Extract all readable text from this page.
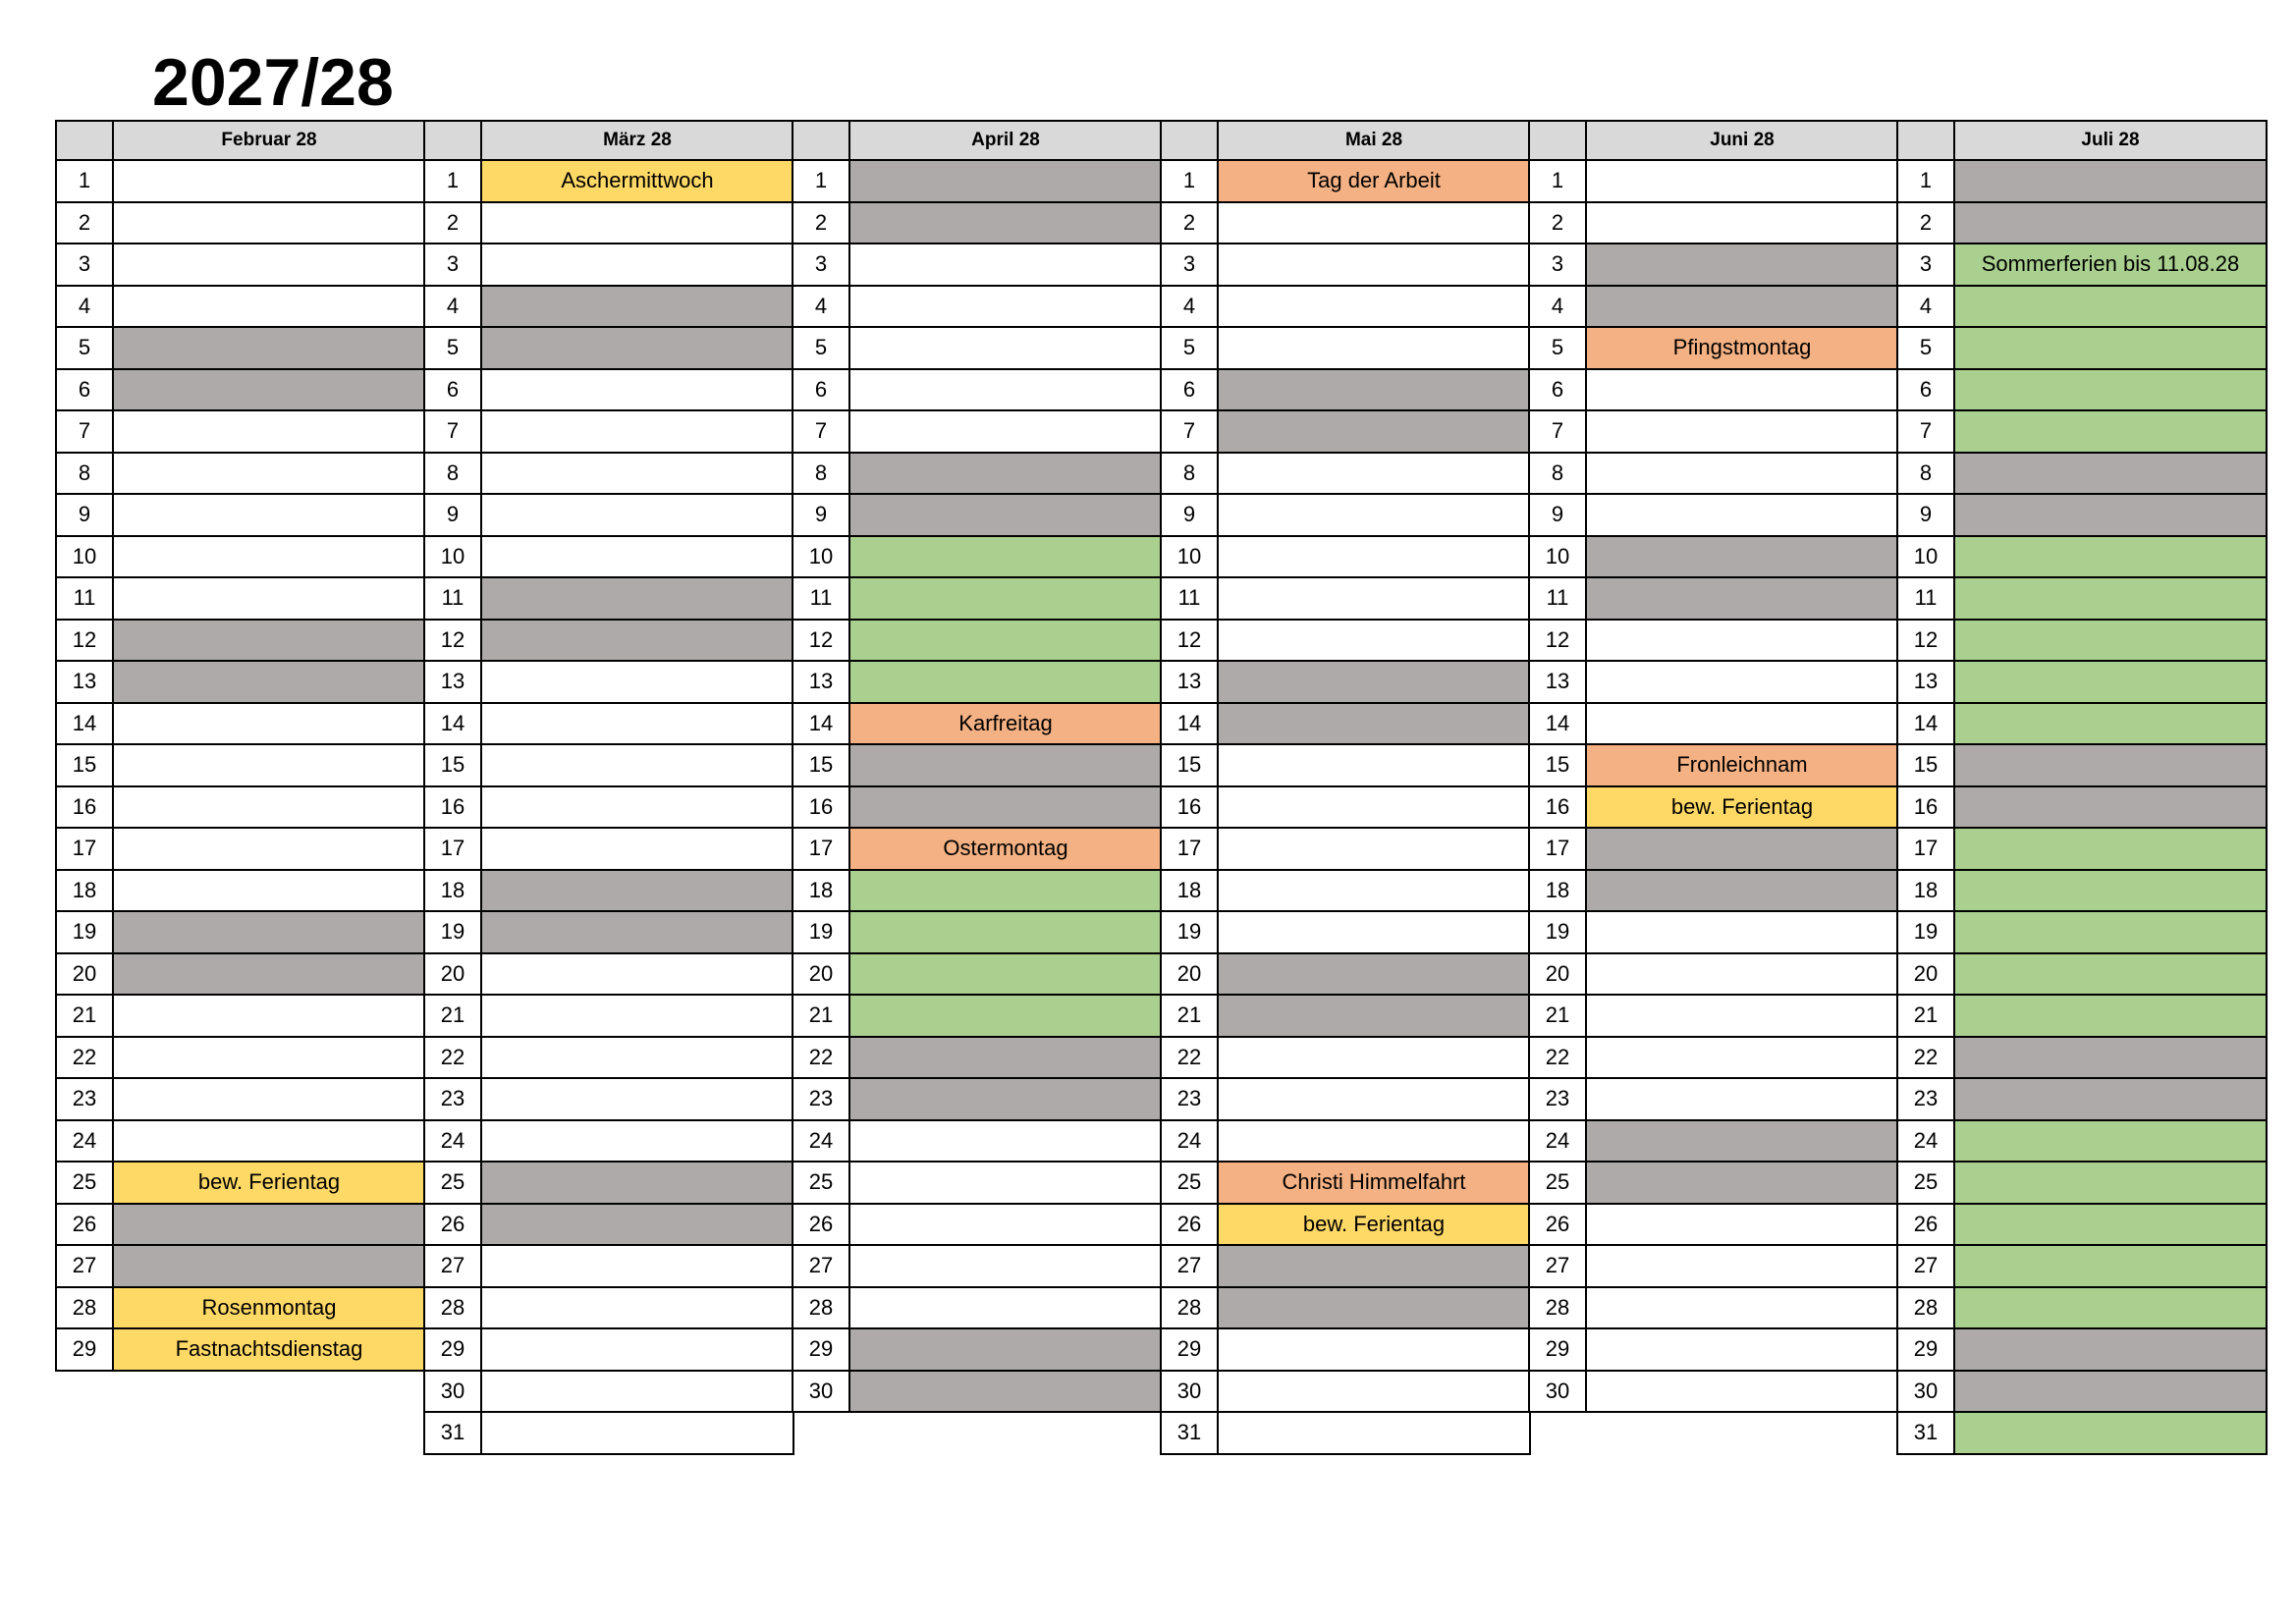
2027/28
Februar 28
1
2
3
4
5
6
7
8
9
10
11
12
13
14
15
16
17
18
19
20
21
22
23
24
25	bew. Ferientag
26
27
28	Rosenmontag
29	Fastnachtsdienstag
März 28
1	Aschermittwoch
2
3
4
5
6
7
8
9
10
11
12
13
14
15
16
17
18
19
20
21
22
23
24
25
26
27
28
29
30
31
April 28
1
2
3
4
5
6
7
8
9
10
11
12
13
14	Karfreitag
15
16
17	Ostermontag
18
19
20
21
22
23
24
25
26
27
28
29
30
Mai 28
1	Tag der Arbeit
2
3
4
5
6
7
8
9
10
11
12
13
14
15
16
17
18
19
20
21
22
23
24
25	Christi Himmelfahrt
26	bew. Ferientag
27
28
29
30
31
Juni 28
1
2
3
4
5	Pfingstmontag
6
7
8
9
10
11
12
13
14
15	Fronleichnam
16	bew. Ferientag
17
18
19
20
21
22
23
24
25
26
27
28
29
30
Juli 28
1
2
3	Sommerferien bis 11.08.28
4
5
6
7
8
9
10
11
12
13
14
15
16
17
18
19
20
21
22
23
24
25
26
27
28
29
30
31
